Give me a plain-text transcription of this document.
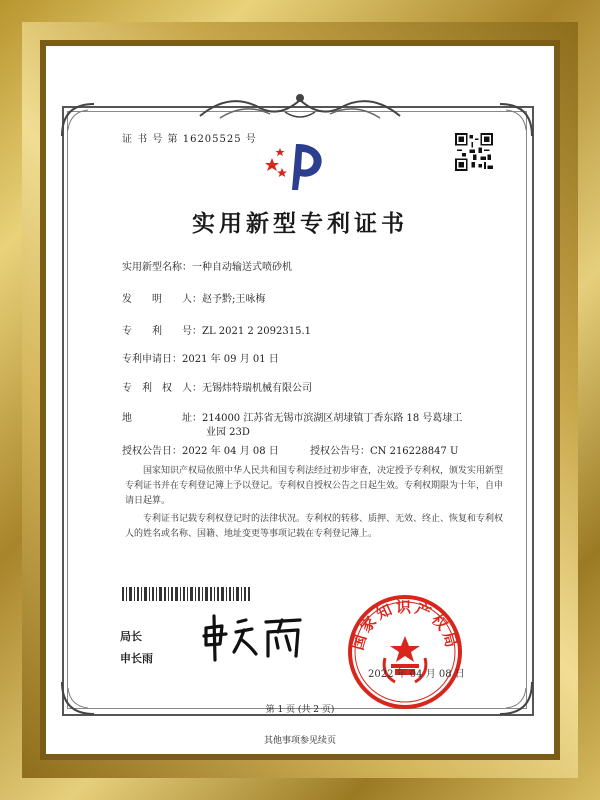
证 书 号 第 16205525 号
实用新型专利证书
实用新型名称：一种自动输送式喷砂机
发　　明　　人：赵予黔;王咏梅
专　　利　　号：ZL 2021 2 2092315.1
专利申请日：2021 年 09 月 01 日
专　利　权　人：无锡炜特瑞机械有限公司
地　　　　　址：214000 江苏省无锡市滨湖区胡埭镇丁香东路 18 号葛埭工
业园 23D
授权公告日：2022 年 04 月 08 日	授权公告号：CN 216228847 U
国家知识产权局依照中华人民共和国专利法经过初步审查，决定授予专利权，颁发实用新型专利证书并在专利登记簿上予以登记。专利权自授权公告之日起生效。专利权期限为十年，自申请日起算。
专利证书记载专利权登记时的法律状况。专利权的转移、质押、无效、终止、恢复和专利权人的姓名或名称、国籍、地址变更等事项记载在专利登记簿上。
局长
申长雨
国家知识产权局
2022 年 04 月 08 日
第 1 页 (共 2 页)
其他事项参见续页
